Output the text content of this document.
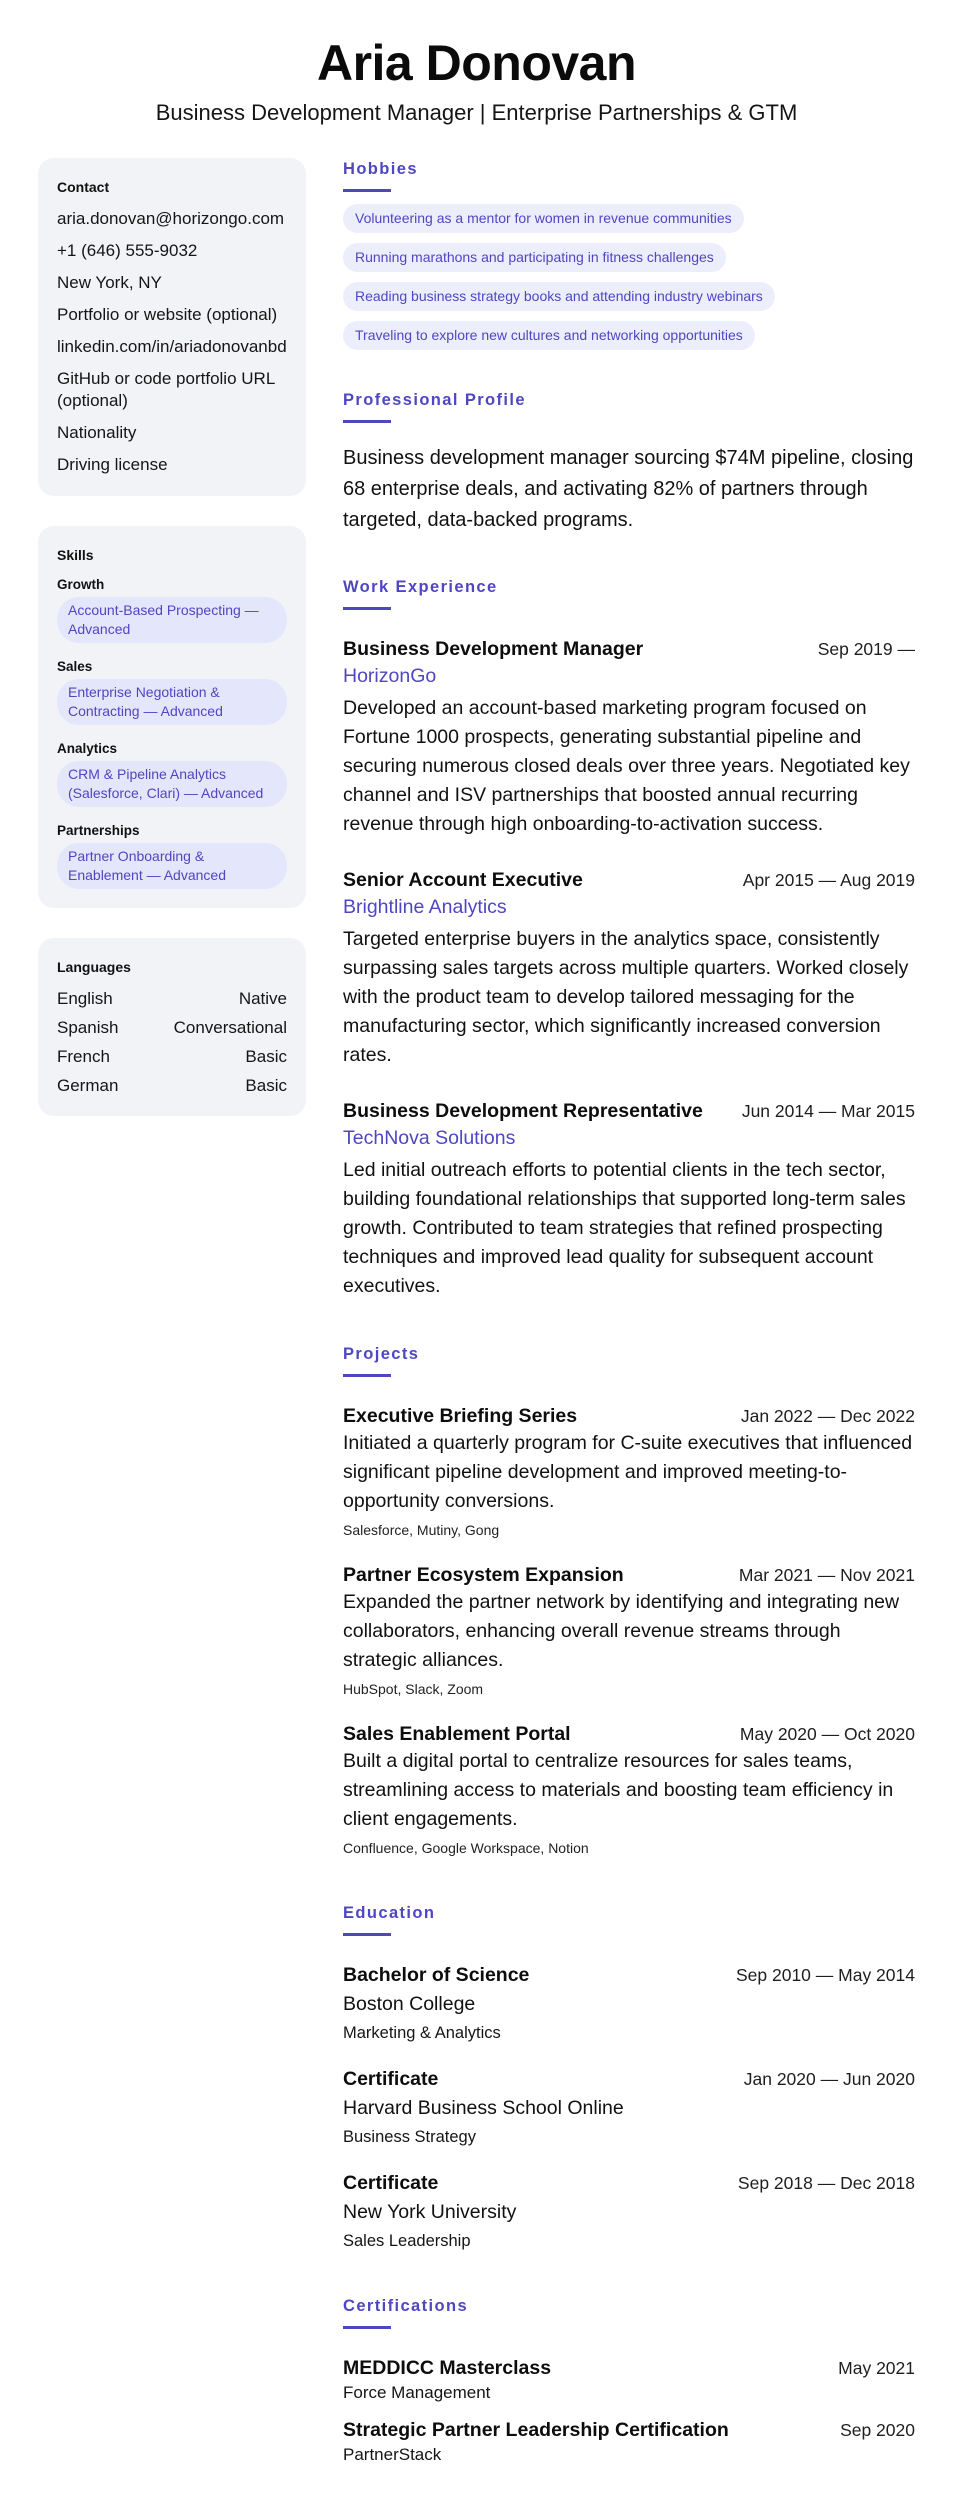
Aria Donovan
Business Development Manager | Enterprise Partnerships & GTM
Contact
aria.donovan@horizongo.com
+1 (646) 555-9032
New York, NY
Portfolio or website (optional)
linkedin.com/in/ariadonovanbd
GitHub or code portfolio URL (optional)
Nationality
Driving license
Skills
Growth
Account-Based Prospecting — Advanced
Sales
Enterprise Negotiation & Contracting — Advanced
Analytics
CRM & Pipeline Analytics (Salesforce, Clari) — Advanced
Partnerships
Partner Onboarding & Enablement — Advanced
Languages
English	Native
Spanish	Conversational
French	Basic
German	Basic
Hobbies
Volunteering as a mentor for women in revenue communities
Running marathons and participating in fitness challenges
Reading business strategy books and attending industry webinars
Traveling to explore new cultures and networking opportunities
Professional Profile
Business development manager sourcing $74M pipeline, closing 68 enterprise deals, and activating 82% of partners through targeted, data-backed programs.
Work Experience
Business Development Manager	Sep 2019 —
HorizonGo
Developed an account-based marketing program focused on Fortune 1000 prospects, generating substantial pipeline and securing numerous closed deals over three years. Negotiated key channel and ISV partnerships that boosted annual recurring revenue through high onboarding-to-activation success.
Senior Account Executive	Apr 2015 — Aug 2019
Brightline Analytics
Targeted enterprise buyers in the analytics space, consistently surpassing sales targets across multiple quarters. Worked closely with the product team to develop tailored messaging for the manufacturing sector, which significantly increased conversion rates.
Business Development Representative Jun 2014 — Mar 2015
TechNova Solutions
Led initial outreach efforts to potential clients in the tech sector, building foundational relationships that supported long-term sales growth. Contributed to team strategies that refined prospecting techniques and improved lead quality for subsequent account executives.
Projects
Executive Briefing Series	Jan 2022 — Dec 2022
Initiated a quarterly program for C-suite executives that influenced significant pipeline development and improved meeting-to-opportunity conversions.
Salesforce, Mutiny, Gong
Partner Ecosystem Expansion	Mar 2021 — Nov 2021
Expanded the partner network by identifying and integrating new collaborators, enhancing overall revenue streams through strategic alliances.
HubSpot, Slack, Zoom
Sales Enablement Portal	May 2020 — Oct 2020
Built a digital portal to centralize resources for sales teams, streamlining access to materials and boosting team efficiency in client engagements.
Confluence, Google Workspace, Notion
Education
Bachelor of Science	Sep 2010 — May 2014
Boston College
Marketing & Analytics
Certificate	Jan 2020 — Jun 2020
Harvard Business School Online
Business Strategy
Certificate	Sep 2018 — Dec 2018
New York University
Sales Leadership
Certifications
MEDDICC Masterclass	May 2021
Force Management
Strategic Partner Leadership Certification	Sep 2020
PartnerStack
